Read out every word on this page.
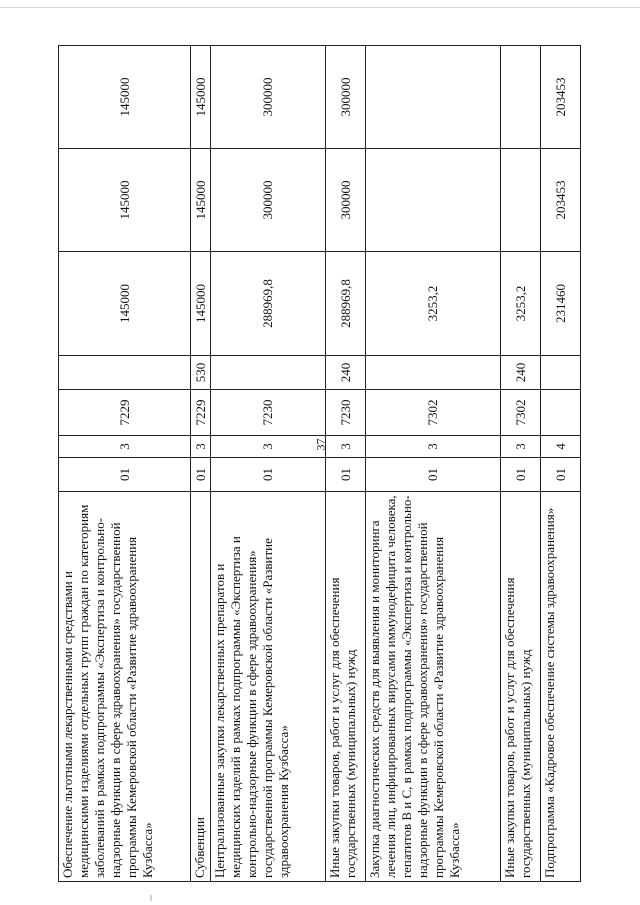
37
Обеспечение льготными лекарственными средствами и медицинскими изделиями отдельных групп граждан по категориям заболеваний в рамках подпрограммы «Экспертиза и контрольно-надзорные функции в сфере здравоохранения» государственной программы Кемеровской области «Развитие здравоохранения Кузбасса»	01	3	7229		145000	145000	145000
Субвенции	01	3	7229	530	145000	145000	145000
Централизованные закупки лекарственных препаратов и медицинских изделий в рамках подпрограммы «Экспертиза и контрольно-надзорные функции в сфере здравоохранения» государственной программы Кемеровской области «Развитие здравоохранения Кузбасса»	01	3	7230		288969,8	300000	300000
Иные закупки товаров, работ и услуг для обеспечения государственных (муниципальных) нужд	01	3	7230	240	288969,8	300000	300000
Закупка диагностических средств для выявления и мониторинга лечения лиц, инфицированных вирусами иммунодефицита человека, гепатитов В и С, в рамках подпрограммы «Экспертиза и контрольно-надзорные функции в сфере здравоохранения» государственной программы Кемеровской области «Развитие здравоохранения Кузбасса»	01	3	7302		3253,2		
Иные закупки товаров, работ и услуг для обеспечения государственных (муниципальных) нужд	01	3	7302	240	3253,2		
Подпрограмма «Кадровое обеспечение системы здравоохранения»	01	4			231460	203453	203453
